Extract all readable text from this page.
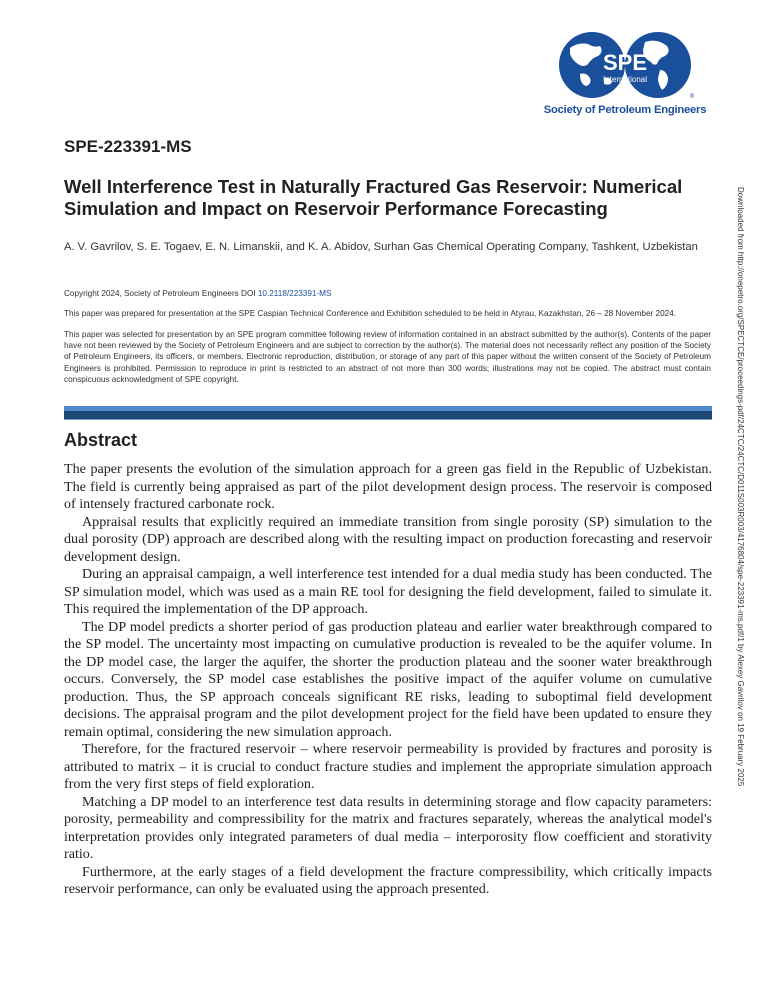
SPE
International
®
Society of Petroleum Engineers
SPE-223391-MS
Well Interference Test in Naturally Fractured Gas Reservoir: Numerical Simulation and Impact on Reservoir Performance Forecasting
A. V. Gavrilov, S. E. Togaev, E. N. Limanskii, and K. A. Abidov, Surhan Gas Chemical Operating Company, Tashkent, Uzbekistan
Copyright 2024, Society of Petroleum Engineers DOI 10.2118/223391-MS
This paper was prepared for presentation at the SPE Caspian Technical Conference and Exhibition scheduled to be held in Atyrau, Kazakhstan, 26 – 28 November 2024.
This paper was selected for presentation by an SPE program committee following review of information contained in an abstract submitted by the author(s). Contents of the paper have not been reviewed by the Society of Petroleum Engineers and are subject to correction by the author(s). The material does not necessarily reflect any position of the Society of Petroleum Engineers, its officers, or members. Electronic reproduction, distribution, or storage of any part of this paper without the written consent of the Society of Petroleum Engineers is prohibited. Permission to reproduce in print is restricted to an abstract of not more than 300 words; illustrations may not be copied. The abstract must contain conspicuous acknowledgment of SPE copyright.
Abstract

The paper presents the evolution of the simulation approach for a green gas field in the Republic of Uzbekistan. The field is currently being appraised as part of the pilot development design process. The reservoir is composed of intensely fractured carbonate rock.

Appraisal results that explicitly required an immediate transition from single porosity (SP) simulation to the dual porosity (DP) approach are described along with the resulting impact on production forecasting and reservoir development design.

During an appraisal campaign, a well interference test intended for a dual media study has been conducted. The SP simulation model, which was used as a main RE tool for designing the field development, failed to simulate it. This required the implementation of the DP approach.

The DP model predicts a shorter period of gas production plateau and earlier water breakthrough compared to the SP model. The uncertainty most impacting on cumulative production is revealed to be the aquifer volume. In the DP model case, the larger the aquifer, the shorter the production plateau and the sooner water breakthrough occurs. Conversely, the SP model case establishes the positive impact of the aquifer volume on cumulative production. Thus, the SP approach conceals significant RE risks, leading to suboptimal field development decisions. The appraisal program and the pilot development project for the field have been updated to ensure they remain optimal, considering the new simulation approach.

Therefore, for the fractured reservoir – where reservoir permeability is provided by fractures and porosity is attributed to matrix – it is crucial to conduct fracture studies and implement the appropriate simulation approach from the very first steps of field exploration.

Matching a DP model to an interference test data results in determining storage and flow capacity parameters: porosity, permeability and compressibility for the matrix and fractures separately, whereas the analytical model's interpretation provides only integrated parameters of dual media – interporosity flow coefficient and storativity ratio.

Furthermore, at the early stages of a field development the fracture compressibility, which critically impacts reservoir performance, can only be evaluated using the approach presented.

Downloaded from http://onepetro.org/SPECTCE/proceedings-pdf/24CTC/24CTC/D011S003R003/4176804/spe-223391-ms.pdf/1 by Alexey Gavrilov on 19 February 2025
